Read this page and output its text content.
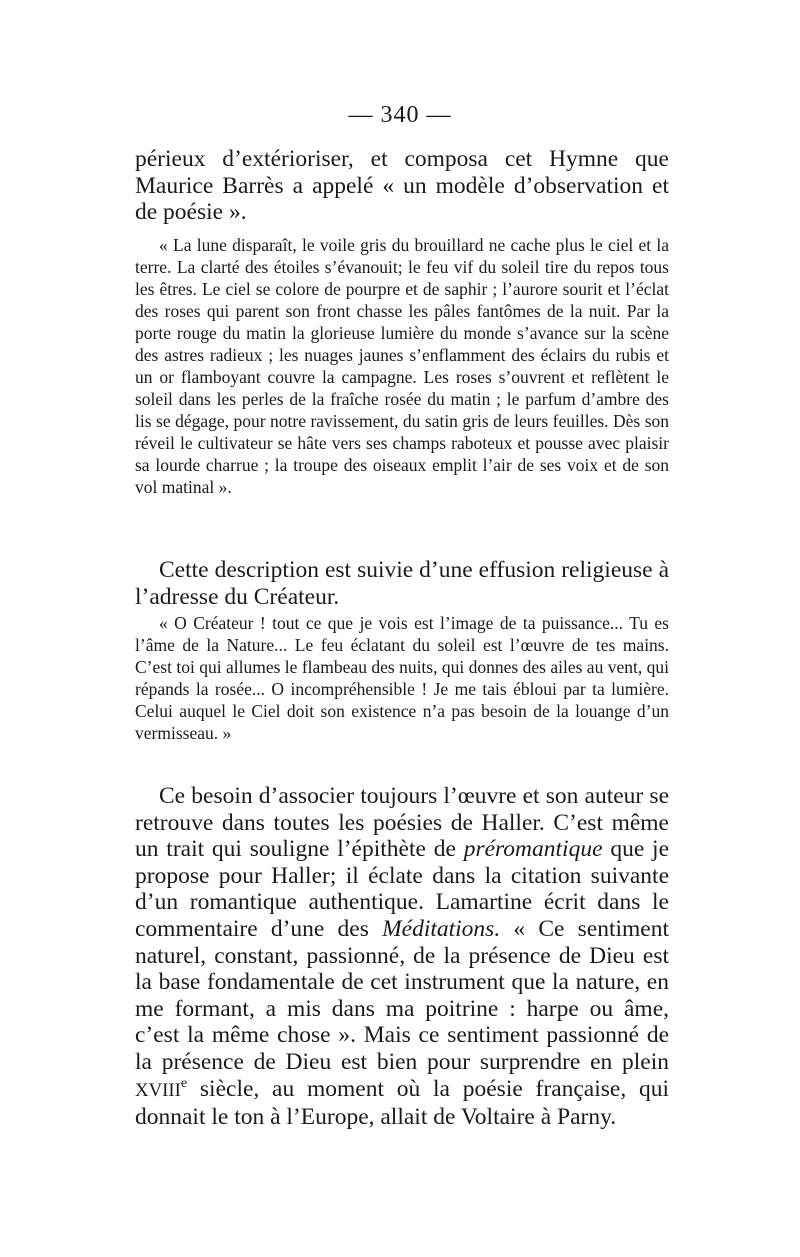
— 340 —

périeux d’extérioriser, et composa cet Hymne que Maurice Barrès a appelé « un modèle d’observation et de poésie ».

« La lune disparaît, le voile gris du brouillard ne cache plus le ciel et la terre. La clarté des étoiles s’évanouit; le feu vif du soleil tire du repos tous les êtres. Le ciel se colore de pourpre et de saphir ; l’aurore sourit et l’éclat des roses qui parent son front chasse les pâles fantômes de la nuit. Par la porte rouge du matin la glorieuse lumière du monde s’avance sur la scène des astres radieux ; les nuages jaunes s’enflamment des éclairs du rubis et un or flamboyant couvre la campagne. Les roses s’ouvrent et reflètent le soleil dans les perles de la fraîche rosée du matin ; le parfum d’ambre des lis se dégage, pour notre ravissement, du satin gris de leurs feuilles. Dès son réveil le cultivateur se hâte vers ses champs raboteux et pousse avec plaisir sa lourde charrue ; la troupe des oiseaux emplit l’air de ses voix et de son vol matinal ».

Cette description est suivie d’une effusion religieuse à l’adresse du Créateur.

« O Créateur ! tout ce que je vois est l’image de ta puissance... Tu es l’âme de la Nature... Le feu éclatant du soleil est l’œuvre de tes mains. C’est toi qui allumes le flambeau des nuits, qui donnes des ailes au vent, qui répands la rosée... O incompréhensible ! Je me tais ébloui par ta lumière. Celui auquel le Ciel doit son existence n’a pas besoin de la louange d’un vermisseau. »

Ce besoin d’associer toujours l’œuvre et son auteur se retrouve dans toutes les poésies de Haller. C’est même un trait qui souligne l’épithète de préromantique que je propose pour Haller; il éclate dans la citation suivante d’un romantique authentique. Lamartine écrit dans le commentaire d’une des Méditations. « Ce sentiment naturel, constant, passionné, de la présence de Dieu est la base fondamentale de cet instrument que la nature, en me formant, a mis dans ma poitrine : harpe ou âme, c’est la même chose ». Mais ce sentiment passionné de la présence de Dieu est bien pour surprendre en plein XVIIIe siècle, au moment où la poésie française, qui donnait le ton à l’Europe, allait de Voltaire à Parny.
